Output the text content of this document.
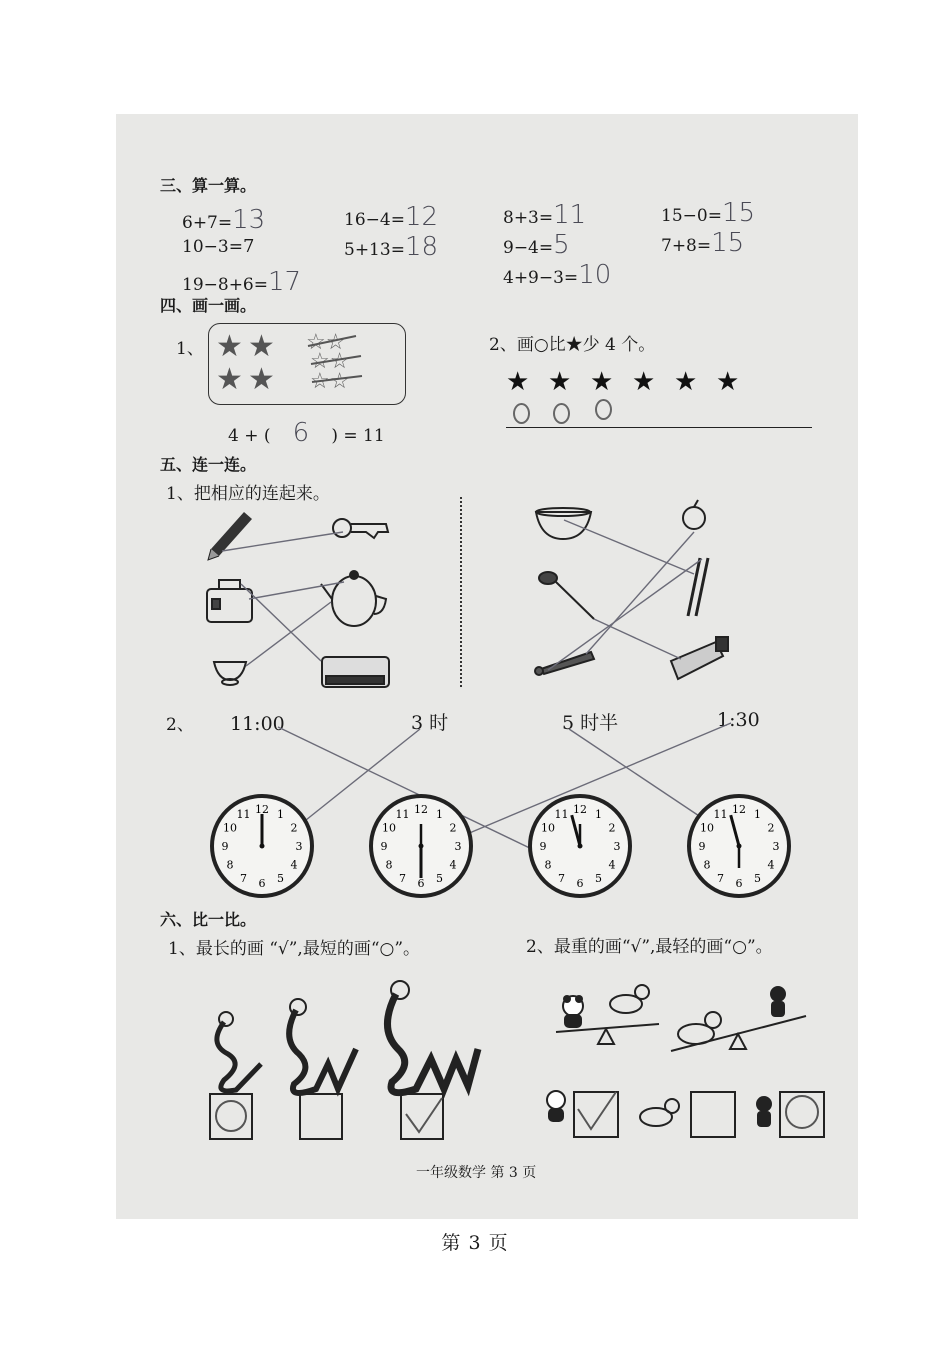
三、算一算。
6+7=13	16−4=12	8+3=11	15−0=15
10−3=7	5+13=18	9−4=5	7+8=15
19−8+6=17	4+9−3=10
四、画一画。
1、 ★ ★
★ ★
☆☆
☆☆
☆☆
4 + ( 6 ) = 11
2、画○比★少 4 个。
★ ★ ★ ★ ★ ★
五、连一连。
1、把相应的连起来。
2、 11:00	3 时	5 时半	1:30
12 1
2
3
4
5
6
7
8
9
10
11	12 1
2
3
4
5
6
7
8
9
10
11	12 1
2
3
4
5
6
7
8
9
10
11	12 1
2
3
4
5
6
7
8
9
10
11
六、比一比。
1、最长的画 “√”,最短的画“○”。	2、最重的画“√”,最轻的画“○”。
一年级数学 第 3 页
第 3 页
